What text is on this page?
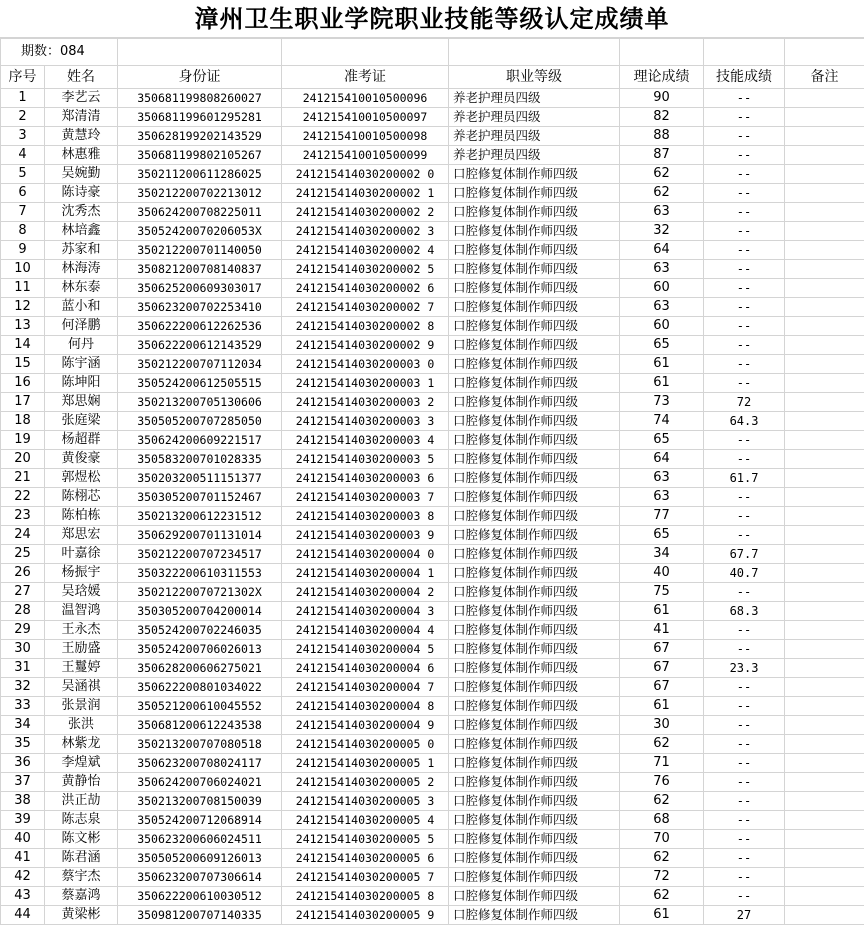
漳州卫生职业学院职业技能等级认定成绩单
期数：084							
序号	姓名	身份证	准考证	职业等级	理论成绩	技能成绩	备注
1	李艺云	350681199808260027	241215410010500096	养老护理员四级	90	--	
2	郑清清	350681199601295281	241215410010500097	养老护理员四级	82	--	
3	黄慧玲	350628199202143529	241215410010500098	养老护理员四级	88	--	
4	林惠雅	350681199802105267	241215410010500099	养老护理员四级	87	--	
5	吴婉勤	350211200611286025	241215414030200002 0	口腔修复体制作师四级	62	--	
6	陈诗豪	350212200702213012	241215414030200002 1	口腔修复体制作师四级	62	--	
7	沈秀杰	350624200708225011	241215414030200002 2	口腔修复体制作师四级	63	--	
8	林培鑫	35052420070206053X	241215414030200002 3	口腔修复体制作师四级	32	--	
9	苏家和	350212200701140050	241215414030200002 4	口腔修复体制作师四级	64	--	
10	林海涛	350821200708140837	241215414030200002 5	口腔修复体制作师四级	63	--	
11	林东泰	350625200609303017	241215414030200002 6	口腔修复体制作师四级	60	--	
12	蓝小和	350623200702253410	241215414030200002 7	口腔修复体制作师四级	63	--	
13	何泽鹏	350622200612262536	241215414030200002 8	口腔修复体制作师四级	60	--	
14	何丹	350622200612143529	241215414030200002 9	口腔修复体制作师四级	65	--	
15	陈宇涵	350212200707112034	241215414030200003 0	口腔修复体制作师四级	61	--	
16	陈坤阳	350524200612505515	241215414030200003 1	口腔修复体制作师四级	61	--	
17	郑思娴	350213200705130606	241215414030200003 2	口腔修复体制作师四级	73	72	
18	张庭梁	350505200707285050	241215414030200003 3	口腔修复体制作师四级	74	64.3	
19	杨超群	350624200609221517	241215414030200003 4	口腔修复体制作师四级	65	--	
20	黄俊豪	350583200701028335	241215414030200003 5	口腔修复体制作师四级	64	--	
21	郭煜松	350203200511151377	241215414030200003 6	口腔修复体制作师四级	63	61.7	
22	陈栩芯	350305200701152467	241215414030200003 7	口腔修复体制作师四级	63	--	
23	陈柏栋	350213200612231512	241215414030200003 8	口腔修复体制作师四级	77	--	
24	郑思宏	350629200701131014	241215414030200003 9	口腔修复体制作师四级	65	--	
25	叶嘉徐	350212200707234517	241215414030200004 0	口腔修复体制作师四级	34	67.7	
26	杨振宇	350322200610311553	241215414030200004 1	口腔修复体制作师四级	40	40.7	
27	吴琀媛	35021220070721302X	241215414030200004 2	口腔修复体制作师四级	75	--	
28	温智鸿	350305200704200014	241215414030200004 3	口腔修复体制作师四级	61	68.3	
29	王永杰	350524200702246035	241215414030200004 4	口腔修复体制作师四级	41	--	
30	王励盛	350524200706026013	241215414030200004 5	口腔修复体制作师四级	67	--	
31	王鬘婷	350628200606275021	241215414030200004 6	口腔修复体制作师四级	67	23.3	
32	吴涵祺	350622200801034022	241215414030200004 7	口腔修复体制作师四级	67	--	
33	张景润	350521200610045552	241215414030200004 8	口腔修复体制作师四级	61	--	
34	张洪	350681200612243538	241215414030200004 9	口腔修复体制作师四级	30	--	
35	林紫龙	350213200707080518	241215414030200005 0	口腔修复体制作师四级	62	--	
36	李煌斌	350623200708024117	241215414030200005 1	口腔修复体制作师四级	71	--	
37	黄静怡	350624200706024021	241215414030200005 2	口腔修复体制作师四级	76	--	
38	洪正劼	350213200708150039	241215414030200005 3	口腔修复体制作师四级	62	--	
39	陈志泉	350524200712068914	241215414030200005 4	口腔修复体制作师四级	68	--	
40	陈文彬	350623200606024511	241215414030200005 5	口腔修复体制作师四级	70	--	
41	陈君涵	350505200609126013	241215414030200005 6	口腔修复体制作师四级	62	--	
42	蔡宇杰	350623200707306614	241215414030200005 7	口腔修复体制作师四级	72	--	
43	蔡嘉鸿	350622200610030512	241215414030200005 8	口腔修复体制作师四级	62	--	
44	黄梁彬	350981200707140335	241215414030200005 9	口腔修复体制作师四级	61	27	
